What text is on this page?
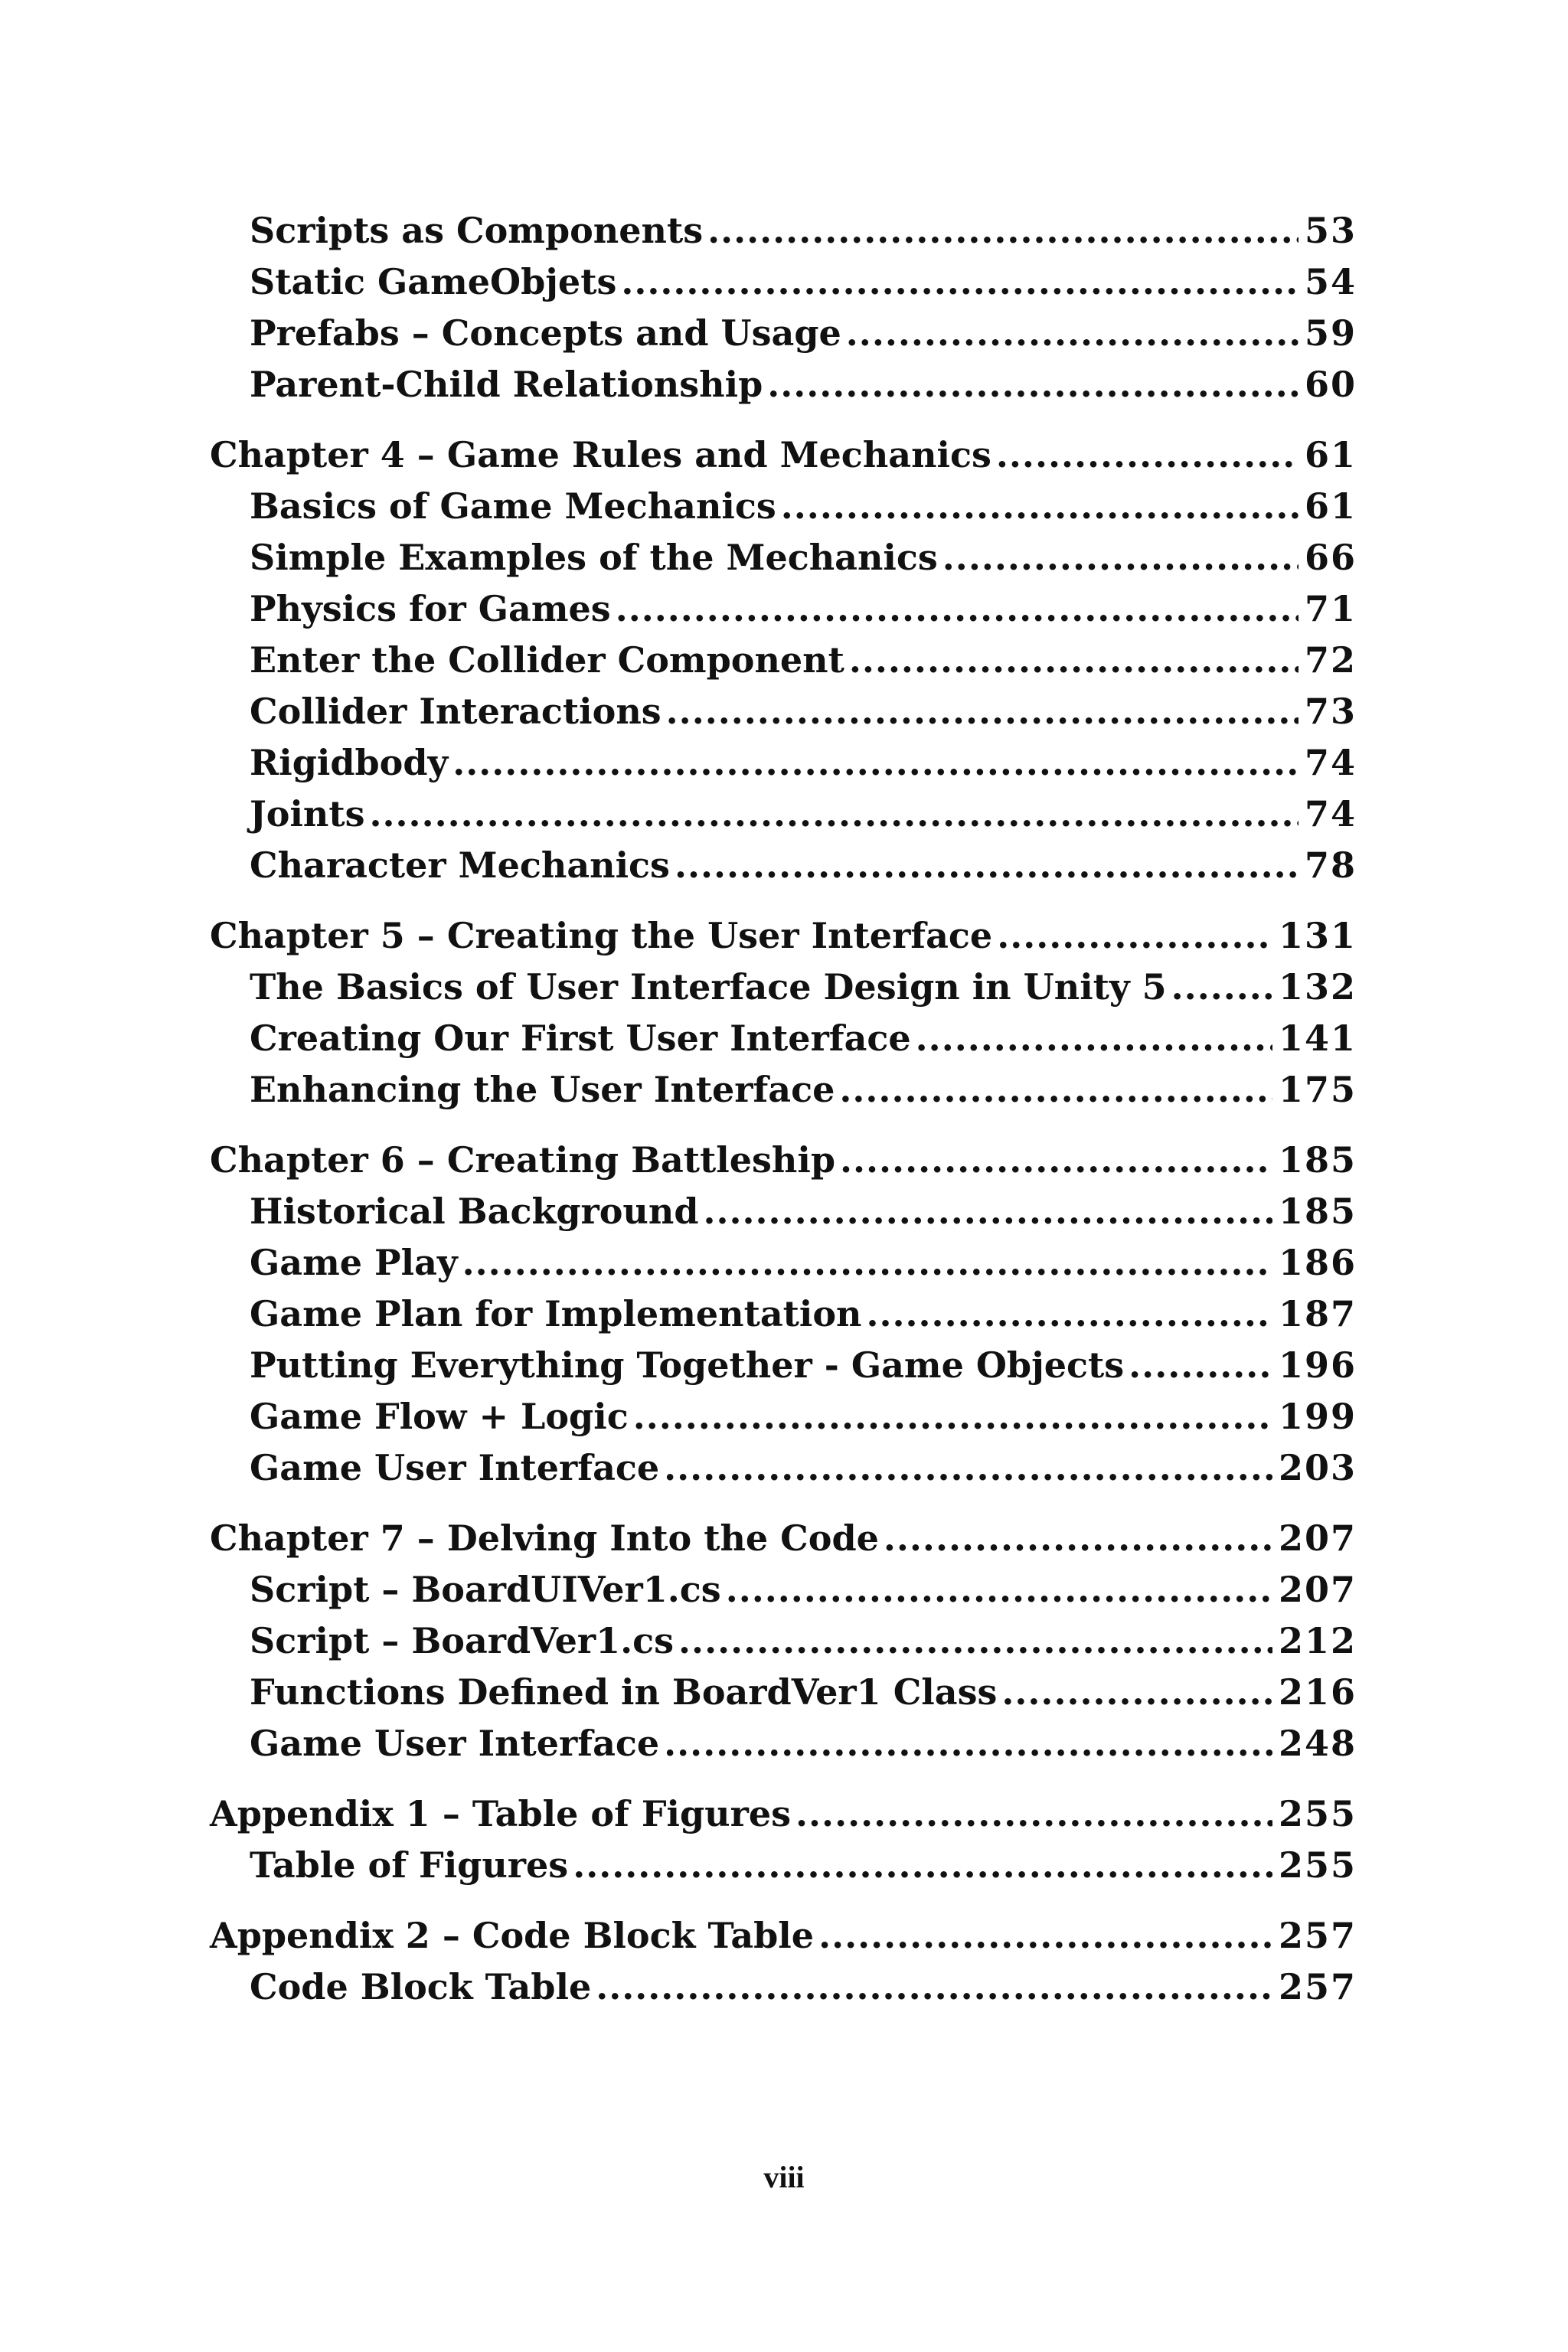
Scripts as Components .....	53
Static GameObjets .....	54
Prefabs – Concepts and Usage .....	59
Parent-Child Relationship .....	60
Chapter 4 – Game Rules and Mechanics .....	61
Basics of Game Mechanics .....	61
Simple Examples of the Mechanics .....	66
Physics for Games .....	71
Enter the Collider Component .....	72
Collider Interactions .....	73
Rigidbody .....	74
Joints .....	74
Character Mechanics .....	78
Chapter 5 – Creating the User Interface .....	131
The Basics of User Interface Design in Unity 5 .....	132
Creating Our First User Interface .....	141
Enhancing the User Interface .....	175
Chapter 6 – Creating Battleship .....	185
Historical Background .....	185
Game Play .....	186
Game Plan for Implementation .....	187
Putting Everything Together - Game Objects .....	196
Game Flow + Logic .....	199
Game User Interface .....	203
Chapter 7 – Delving Into the Code .....	207
Script – BoardUIVer1.cs .....	207
Script – BoardVer1.cs .....	212
Functions Defined in BoardVer1 Class .....	216
Game User Interface .....	248
Appendix 1 – Table of Figures .....	255
Table of Figures .....	255
Appendix 2 – Code Block Table .....	257
Code Block Table .....	257
viii
